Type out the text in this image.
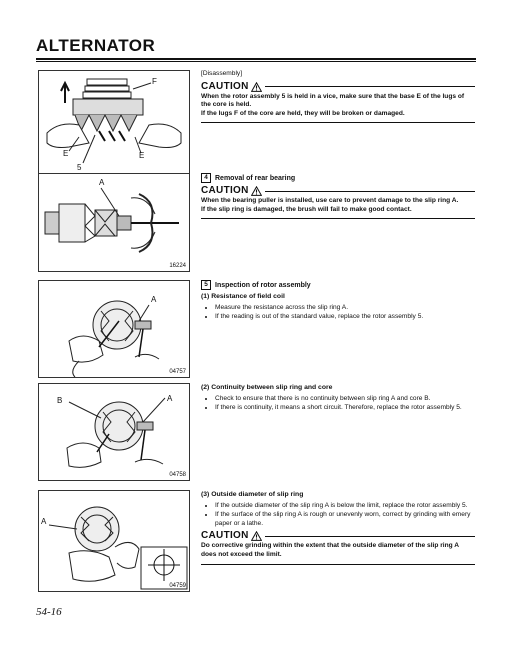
ALTERNATOR
F
E	E
5
A
16224
A
04757
B	A
04758
A
04759
[Disassembly]
CAUTION
When the rotor assembly 5 is held in a vice, make sure that the base E of the lugs of the core is held.
If the lugs F of the core are held, they will be broken or damaged.
4 Removal of rear bearing
CAUTION
When the bearing puller is installed, use care to prevent damage to the slip ring A.
If the slip ring is damaged, the brush will fail to make good contact.
5 Inspection of rotor assembly
(1) Resistance of field coil
• Measure the resistance across the slip ring A.
• If the reading is out of the standard value, replace the rotor assembly 5.
(2) Continuity between slip ring and core
• Check to ensure that there is no continuity between slip ring A and core B.
• If there is continuity, it means a short circuit. Therefore, replace the rotor assembly 5.
(3) Outside diameter of slip ring
• If the outside diameter of the slip ring A is below the limit, replace the rotor assembly 5.
• If the surface of the slip ring A is rough or unevenly worn, correct by grinding with emery paper or a lathe.
CAUTION
Do corrective grinding within the extent that the outside diameter of the slip ring A does not exceed the limit.
54-16
